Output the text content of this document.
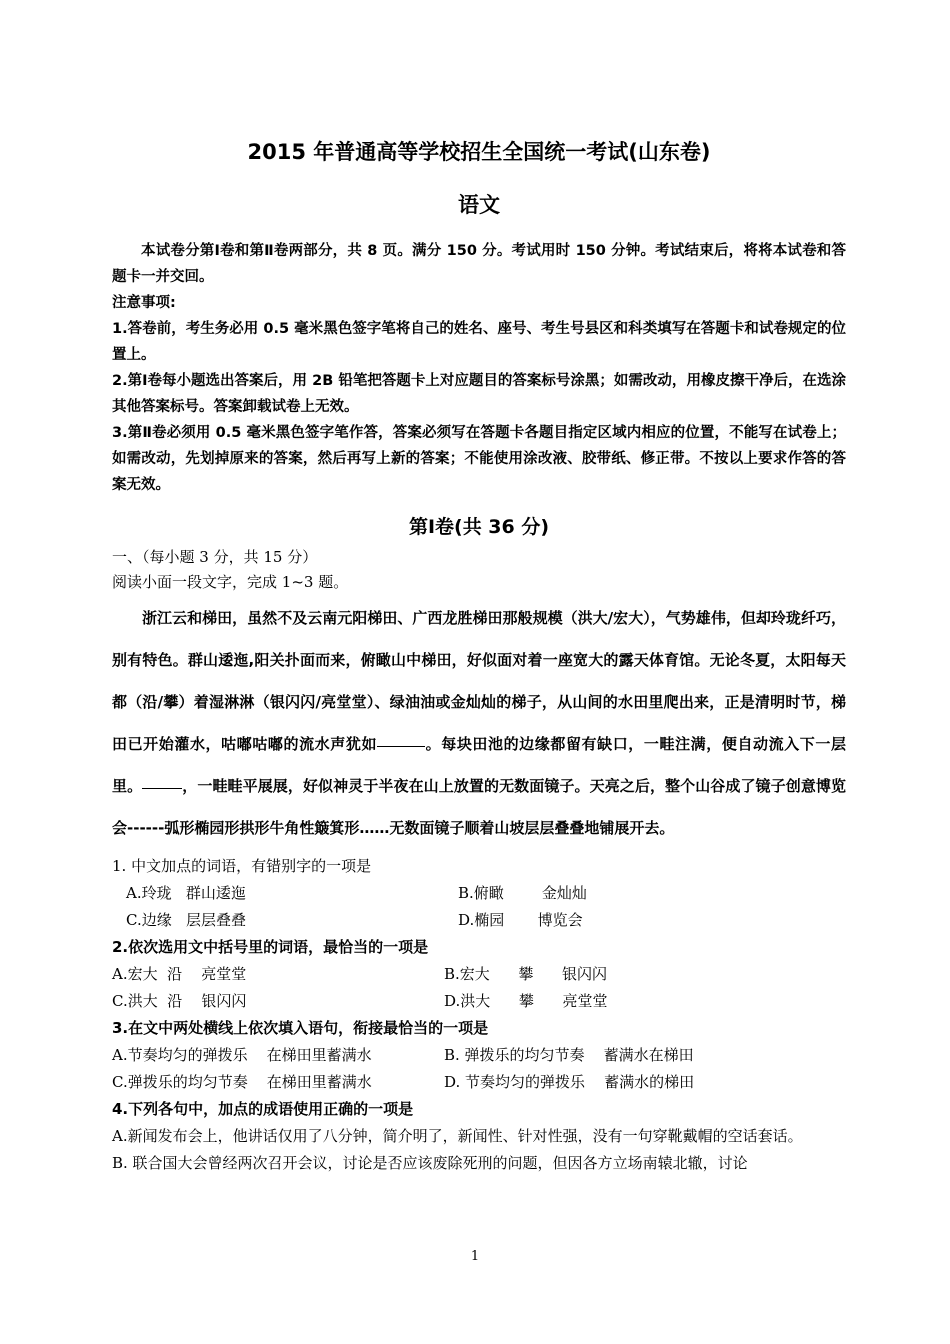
2015 年普通高等学校招生全国统一考试(山东卷)
语文

本试卷分第Ⅰ卷和第Ⅱ卷两部分，共 8 页。满分 150 分。考试用时 150 分钟。考试结束后，将将本试卷和答题卡一并交回。

注意事项:

1.答卷前，考生务必用 0.5 毫米黑色签字笔将自己的姓名、座号、考生号县区和科类填写在答题卡和试卷规定的位置上。

2.第Ⅰ卷每小题选出答案后，用 2B 铅笔把答题卡上对应题目的答案标号涂黑；如需改动，用橡皮擦干净后，在选涂其他答案标号。答案卸载试卷上无效。

3.第Ⅱ卷必须用 0.5 毫米黑色签字笔作答，答案必须写在答题卡各题目指定区域内相应的位置，不能写在试卷上；如需改动，先划掉原来的答案，然后再写上新的答案；不能使用涂改液、胶带纸、修正带。不按以上要求作答的答案无效。

第Ⅰ卷(共 36 分)

一、（每小题 3 分，共 15 分）

阅读小面一段文字，完成 1~3 题。

浙江云和梯田，虽然不及云南元阳梯田、广西龙胜梯田那般规模（洪大/宏大），气势雄伟，但却玲珑纤巧，别有特色。群山逶迤,阳关扑面而来，俯瞰山中梯田，好似面对着一座宽大的露天体育馆。无论冬夏，太阳每天都（沿/攀）着湿淋淋（银闪闪/亮堂堂）、绿油油或金灿灿的梯子，从山间的水田里爬出来，正是清明时节，梯田已开始灌水，咕嘟咕嘟的流水声犹如	。每块田池的边缘都留有缺口，一畦注满，便自动流入下一层里。	，一畦畦平展展，好似神灵于半夜在山上放置的无数面镜子。天亮之后，整个山谷成了镜子创意博览会------弧形椭园形拱形牛角性簸箕形……无数面镜子顺着山坡层层叠叠地铺展开去。

1. 中文加点的词语，有错别字的一项是

A.玲珑   群山逶迤	B.俯瞰        金灿灿
C.边缘   层层叠叠	D.椭园       博览会

2.依次选用文中括号里的词语，最恰当的一项是

A.宏大  沿    亮堂堂	B.宏大      攀      银闪闪
C.洪大  沿    银闪闪	D.洪大      攀      亮堂堂

3.在文中两处横线上依次填入语句，衔接最恰当的一项是

A.节奏均匀的弹拨乐    在梯田里蓄满水	B. 弹拨乐的均匀节奏    蓄满水在梯田
C.弹拨乐的均匀节奏    在梯田里蓄满水	D. 节奏均匀的弹拨乐    蓄满水的梯田

4.下列各句中，加点的成语使用正确的一项是

A.新闻发布会上，他讲话仅用了八分钟，简介明了，新闻性、针对性强，没有一句穿靴戴帽的空话套话。

B. 联合国大会曾经两次召开会议，讨论是否应该废除死刑的问题，但因各方立场南辕北辙，讨论

1
